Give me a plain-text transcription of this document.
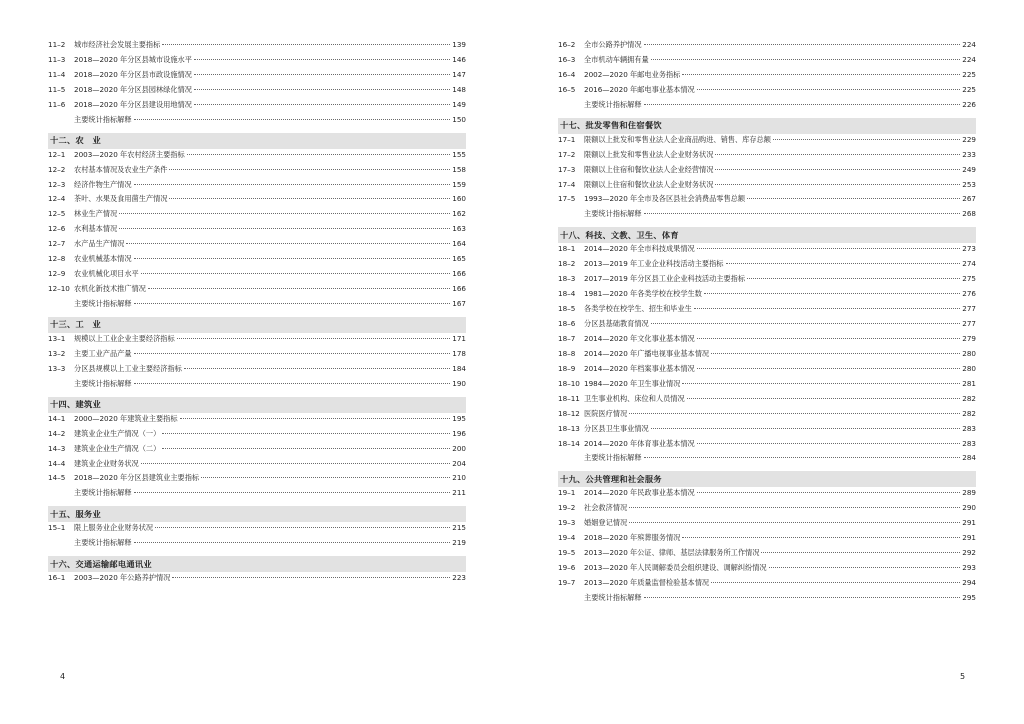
11–2	城市经济社会发展主要指标	139
11–3	2018—2020 年分区县城市设施水平	146
11–4	2018—2020 年分区县市政设施情况	147
11–5	2018—2020 年分区县园林绿化情况	148
11–6	2018—2020 年分区县建设用地情况	149
主要统计指标解释	150
十二、农　业
12–1	2003—2020 年农村经济主要指标	155
12–2	农村基本情况及农业生产条件	158
12–3	经济作物生产情况	159
12–4	茶叶、水果及食用菌生产情况	160
12–5	林业生产情况	162
12–6	水利基本情况	163
12–7	水产品生产情况	164
12–8	农业机械基本情况	165
12–9	农业机械化项目水平	166
12–10 农机化新技术推广情况	166
主要统计指标解释	167
十三、工　业
13–1	规模以上工业企业主要经济指标	171
13–2	主要工业产品产量	178
13–3	分区县规模以上工业主要经济指标	184
主要统计指标解释	190
十四、建筑业
14–1	2000—2020 年建筑业主要指标	195
14–2	建筑业企业生产情况（一）	196
14–3	建筑业企业生产情况（二）	200
14–4	建筑业企业财务状况	204
14–5	2018—2020 年分区县建筑业主要指标	210
主要统计指标解释	211
十五、服务业
15–1	限上服务业企业财务状况	215
主要统计指标解释	219
十六、交通运输邮电通讯业
16–1	2003—2020 年公路养护情况	223
16–2	全市公路养护情况	224
16–3	全市机动车辆拥有量	224
16–4	2002—2020 年邮电业务指标	225
16–5	2016—2020 年邮电事业基本情况	225
主要统计指标解释	226
十七、批发零售和住宿餐饮
17–1	限额以上批发和零售业法人企业商品购进、销售、库存总额	229
17–2	限额以上批发和零售业法人企业财务状况	233
17–3	限额以上住宿和餐饮业法人企业经营情况	249
17–4	限额以上住宿和餐饮业法人企业财务状况	253
17–5	1993—2020 年全市及各区县社会消费品零售总额	267
主要统计指标解释	268
十八、科技、文教、卫生、体育
18–1	2014—2020 年全市科技成果情况	273
18–2	2013—2019 年工业企业科技活动主要指标	274
18–3	2017—2019 年分区县工业企业科技活动主要指标	275
18–4	1981—2020 年各类学校在校学生数	276
18–5	各类学校在校学生、招生和毕业生	277
18–6	分区县基础教育情况	277
18–7	2014—2020 年文化事业基本情况	279
18–8	2014—2020 年广播电视事业基本情况	280
18–9	2014—2020 年档案事业基本情况	280
18–10 1984—2020 年卫生事业情况	281
18–11 卫生事业机构、床位和人员情况	282
18–12 医院医疗情况	282
18–13 分区县卫生事业情况	283
18–14 2014—2020 年体育事业基本情况	283
主要统计指标解释	284
十九、公共管理和社会服务
19–1	2014—2020 年民政事业基本情况	289
19–2	社会救济情况	290
19–3	婚姻登记情况	291
19–4	2018—2020 年殡葬服务情况	291
19–5	2013—2020 年公证、律师、基层法律服务所工作情况	292
19–6	2013—2020 年人民调解委员会组织建设、调解纠纷情况	293
19–7	2013—2020 年质量监督检验基本情况	294
主要统计指标解释	295
4	5
